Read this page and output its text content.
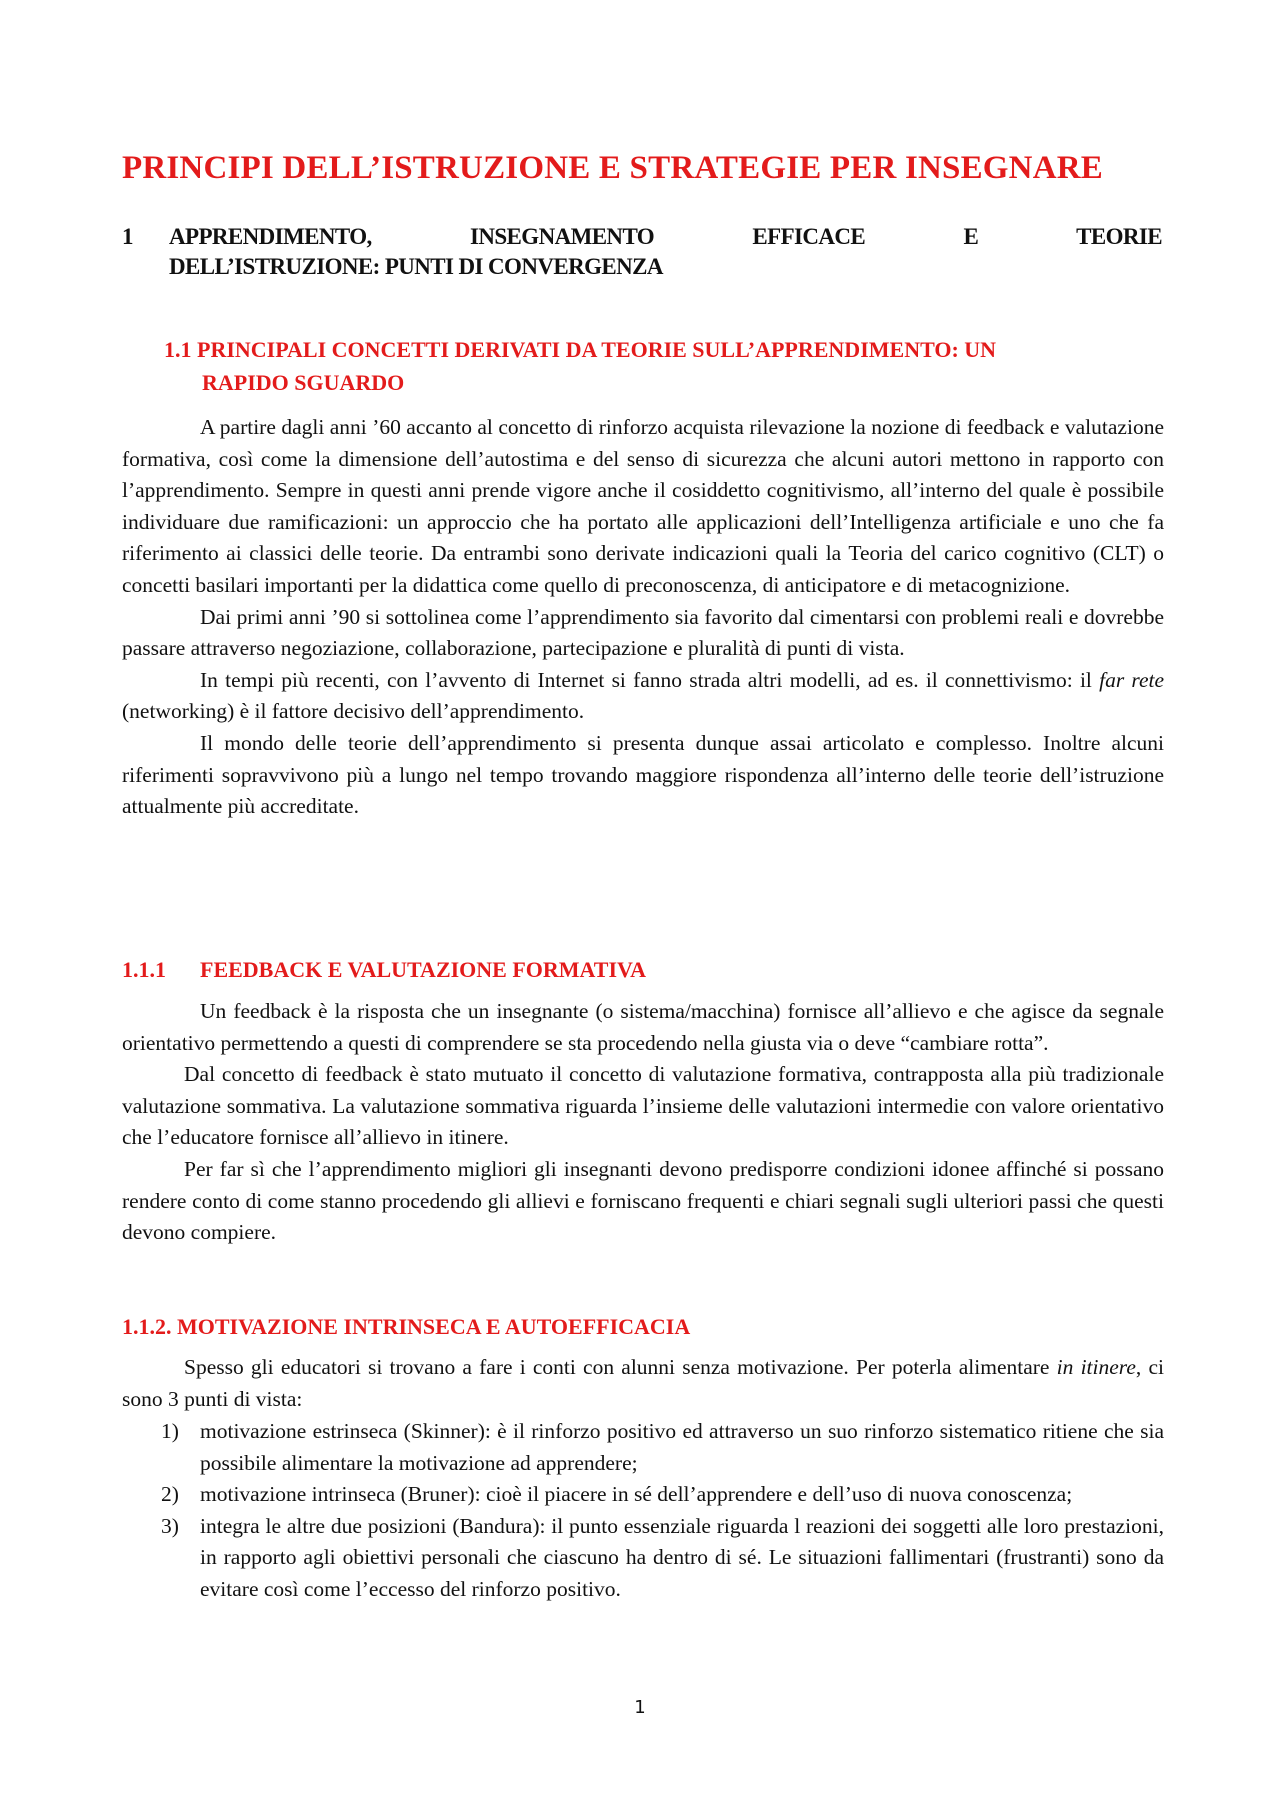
PRINCIPI DELL’ISTRUZIONE E STRATEGIE PER INSEGNARE
1 APPRENDIMENTO, INSEGNAMENTO EFFICACE E TEORIE
DELL’ISTRUZIONE: PUNTI DI CONVERGENZA
1.1 PRINCIPALI CONCETTI DERIVATI DA TEORIE SULL’APPRENDIMENTO: UN
RAPIDO SGUARDO

A partire dagli anni ’60 accanto al concetto di rinforzo acquista rilevazione la nozione di feedback e valutazione formativa, così come la dimensione dell’autostima e del senso di sicurezza che alcuni autori mettono in rapporto con l’apprendimento. Sempre in questi anni prende vigore anche il cosiddetto cognitivismo, all’interno del quale è possibile individuare due ramificazioni: un approccio che ha portato alle applicazioni dell’Intelligenza artificiale e uno che fa riferimento ai classici delle teorie. Da entrambi sono derivate indicazioni quali la Teoria del carico cognitivo (CLT) o concetti basilari importanti per la didattica come quello di preconoscenza, di anticipatore e di metacognizione.

Dai primi anni ’90 si sottolinea come l’apprendimento sia favorito dal cimentarsi con problemi reali e dovrebbe passare attraverso negoziazione, collaborazione, partecipazione e pluralità di punti di vista.

In tempi più recenti, con l’avvento di Internet si fanno strada altri modelli, ad es. il connettivismo: il far rete (networking) è il fattore decisivo dell’apprendimento.

Il mondo delle teorie dell’apprendimento si presenta dunque assai articolato e complesso. Inoltre alcuni riferimenti sopravvivono più a lungo nel tempo trovando maggiore rispondenza all’interno delle teorie dell’istruzione attualmente più accreditate.

1.1.1 FEEDBACK E VALUTAZIONE FORMATIVA

Un feedback è la risposta che un insegnante (o sistema/macchina) fornisce all’allievo e che agisce da segnale orientativo permettendo a questi di comprendere se sta procedendo nella giusta via o deve “cambiare rotta”.

Dal concetto di feedback è stato mutuato il concetto di valutazione formativa, contrapposta alla più tradizionale valutazione sommativa. La valutazione sommativa riguarda l’insieme delle valutazioni intermedie con valore orientativo che l’educatore fornisce all’allievo in itinere.

Per far sì che l’apprendimento migliori gli insegnanti devono predisporre condizioni idonee affinché si possano rendere conto di come stanno procedendo gli allievi e forniscano frequenti e chiari segnali sugli ulteriori passi che questi devono compiere.

1.1.2. MOTIVAZIONE INTRINSECA E AUTOEFFICACIA

Spesso gli educatori si trovano a fare i conti con alunni senza motivazione. Per poterla alimentare in itinere, ci sono 3 punti di vista:

1) motivazione estrinseca (Skinner): è il rinforzo positivo ed attraverso un suo rinforzo sistematico ritiene che sia possibile alimentare la motivazione ad apprendere;
2) motivazione intrinseca (Bruner): cioè il piacere in sé dell’apprendere e dell’uso di nuova conoscenza;
3) integra le altre due posizioni (Bandura): il punto essenziale riguarda l reazioni dei soggetti alle loro prestazioni, in rapporto agli obiettivi personali che ciascuno ha dentro di sé. Le situazioni fallimentari (frustranti) sono da evitare così come l’eccesso del rinforzo positivo.
1
